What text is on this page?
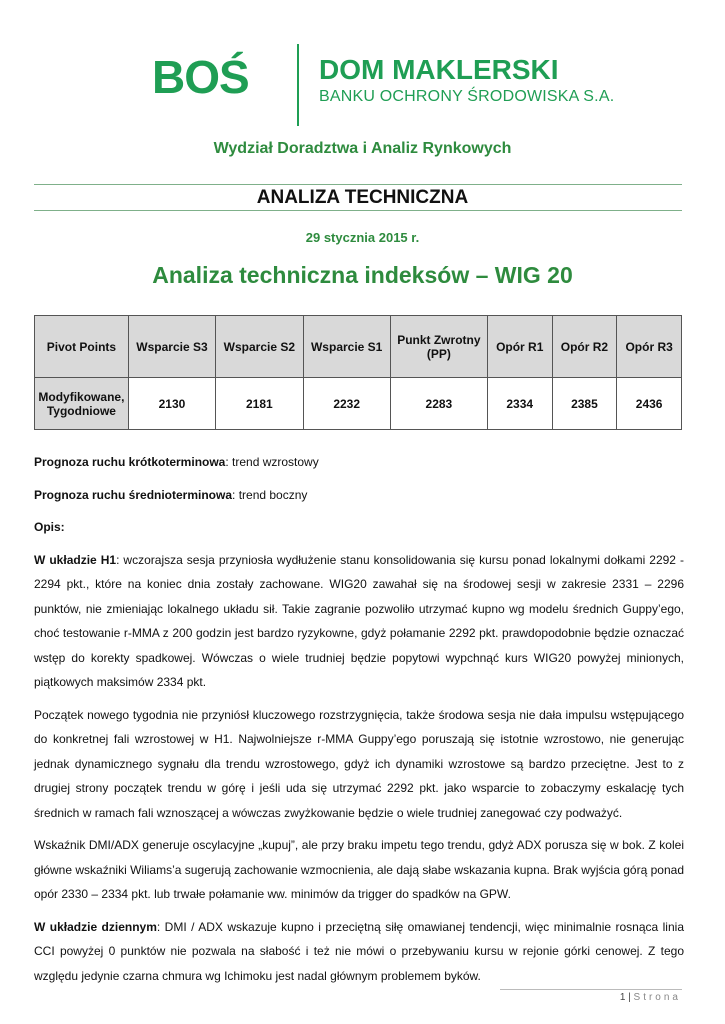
BOŚ	DOM MAKLERSKI
BANKU OCHRONY ŚRODOWISKA S.A.
Wydział Doradztwa i Analiz Rynkowych
ANALIZA TECHNICZNA
29 stycznia 2015 r.
Analiza techniczna indeksów – WIG 20
Pivot Points	Wsparcie S3	Wsparcie S2	Wsparcie S1	Punkt Zwrotny (PP)	Opór R1	Opór R2	Opór R3
Modyfikowane, Tygodniowe	2130	2181	2232	2283	2334	2385	2436

Prognoza ruchu krótkoterminowa: trend wzrostowy

Prognoza ruchu średnioterminowa: trend boczny

Opis:

W układzie H1: wczorajsza sesja przyniosła wydłużenie stanu konsolidowania się kursu ponad lokalnymi dołkami 2292 - 2294 pkt., które na koniec dnia zostały zachowane. WIG20 zawahał się na środowej sesji w zakresie 2331 – 2296 punktów, nie zmieniając lokalnego układu sił. Takie zagranie pozwoliło utrzymać kupno wg modelu średnich Guppy’ego, choć testowanie r-MMA z 200 godzin jest bardzo ryzykowne, gdyż połamanie 2292 pkt. prawdopodobnie będzie oznaczać wstęp do korekty spadkowej. Wówczas o wiele trudniej będzie popytowi wypchnąć kurs WIG20 powyżej minionych, piątkowych maksimów 2334 pkt.

Początek nowego tygodnia nie przyniósł kluczowego rozstrzygnięcia, także środowa sesja nie dała impulsu wstępującego do konkretnej fali wzrostowej w H1. Najwolniejsze r-MMA Guppy’ego poruszają się istotnie wzrostowo, nie generując jednak dynamicznego sygnału dla trendu wzrostowego, gdyż ich dynamiki wzrostowe są bardzo przeciętne. Jest to z drugiej strony początek trendu w górę i jeśli uda się utrzymać 2292 pkt. jako wsparcie to zobaczymy eskalację tych średnich w ramach fali wznoszącej a wówczas zwyżkowanie będzie o wiele trudniej zanegować czy podważyć.

Wskaźnik DMI/ADX generuje oscylacyjne „kupuj”, ale przy braku impetu tego trendu, gdyż ADX porusza się w bok. Z kolei główne wskaźniki Wiliams’a sugerują zachowanie wzmocnienia, ale dają słabe wskazania kupna. Brak wyjścia górą ponad opór 2330 – 2334 pkt. lub trwałe połamanie ww. minimów da trigger do spadków na GPW.

W układzie dziennym: DMI / ADX wskazuje kupno i przeciętną siłę omawianej tendencji, więc minimalnie rosnąca linia CCI powyżej 0 punktów nie pozwala na słabość i też nie mówi o przebywaniu kursu w rejonie górki cenowej. Z tego względu jedynie czarna chmura wg Ichimoku jest nadal głównym problemem byków.

1 | Strona
